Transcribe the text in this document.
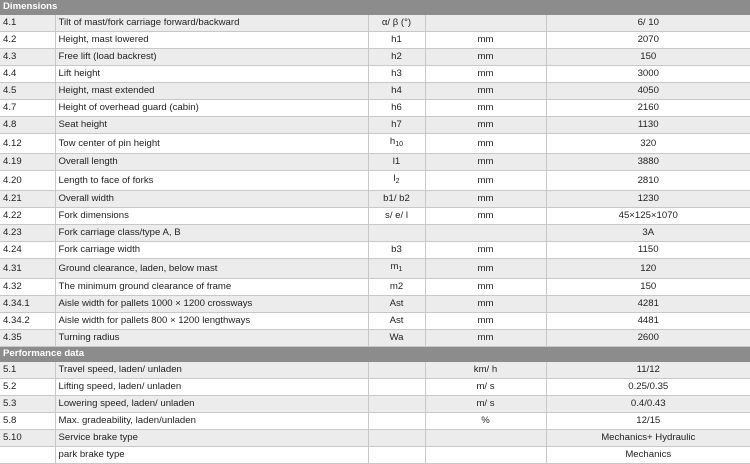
Dimensions				
4.1	Tilt of mast/fork carriage forward/backward	α/ β (°)		6/ 10
4.2	Height, mast lowered	h1	mm	2070
4.3	Free lift (load backrest)	h2	mm	150
4.4	Lift height	h3	mm	3000
4.5	Height, mast extended	h4	mm	4050
4.7	Height of overhead guard (cabin)	h6	mm	2160
4.8	Seat height	h7	mm	1130
4.12	Tow center of pin height	$h_{10}$	mm	320
4.19	Overall length	l1	mm	3880
4.20	Length to face of forks	$l_2$	mm	2810
4.21	Overall width	b1/ b2	mm	1230
4.22	Fork dimensions	s/ e/ l	mm	45×125×1070
4.23	Fork carriage class/type A, B			3A
4.24	Fork carriage width	b3	mm	1150
4.31	Ground clearance, laden, below mast	$m_1$	mm	120
4.32	The minimum ground clearance of frame	m2	mm	150
4.34.1	Aisle width for pallets 1000 × 1200 crossways	Ast	mm	4281
4.34.2	Aisle width for pallets 800 × 1200 lengthways	Ast	mm	4481
4.35	Turning radius	Wa	mm	2600
Performance data				
5.1	Travel speed, laden/ unladen		km/ h	11/12
5.2	Lifting speed, laden/ unladen		m/ s	0.25/0.35
5.3	Lowering speed, laden/ unladen		m/ s	0.4/0.43
5.8	Max. gradeability, laden/unladen		%	12/15
5.10	Service brake type			Mechanics+ Hydraulic
	park brake type			Mechanics
